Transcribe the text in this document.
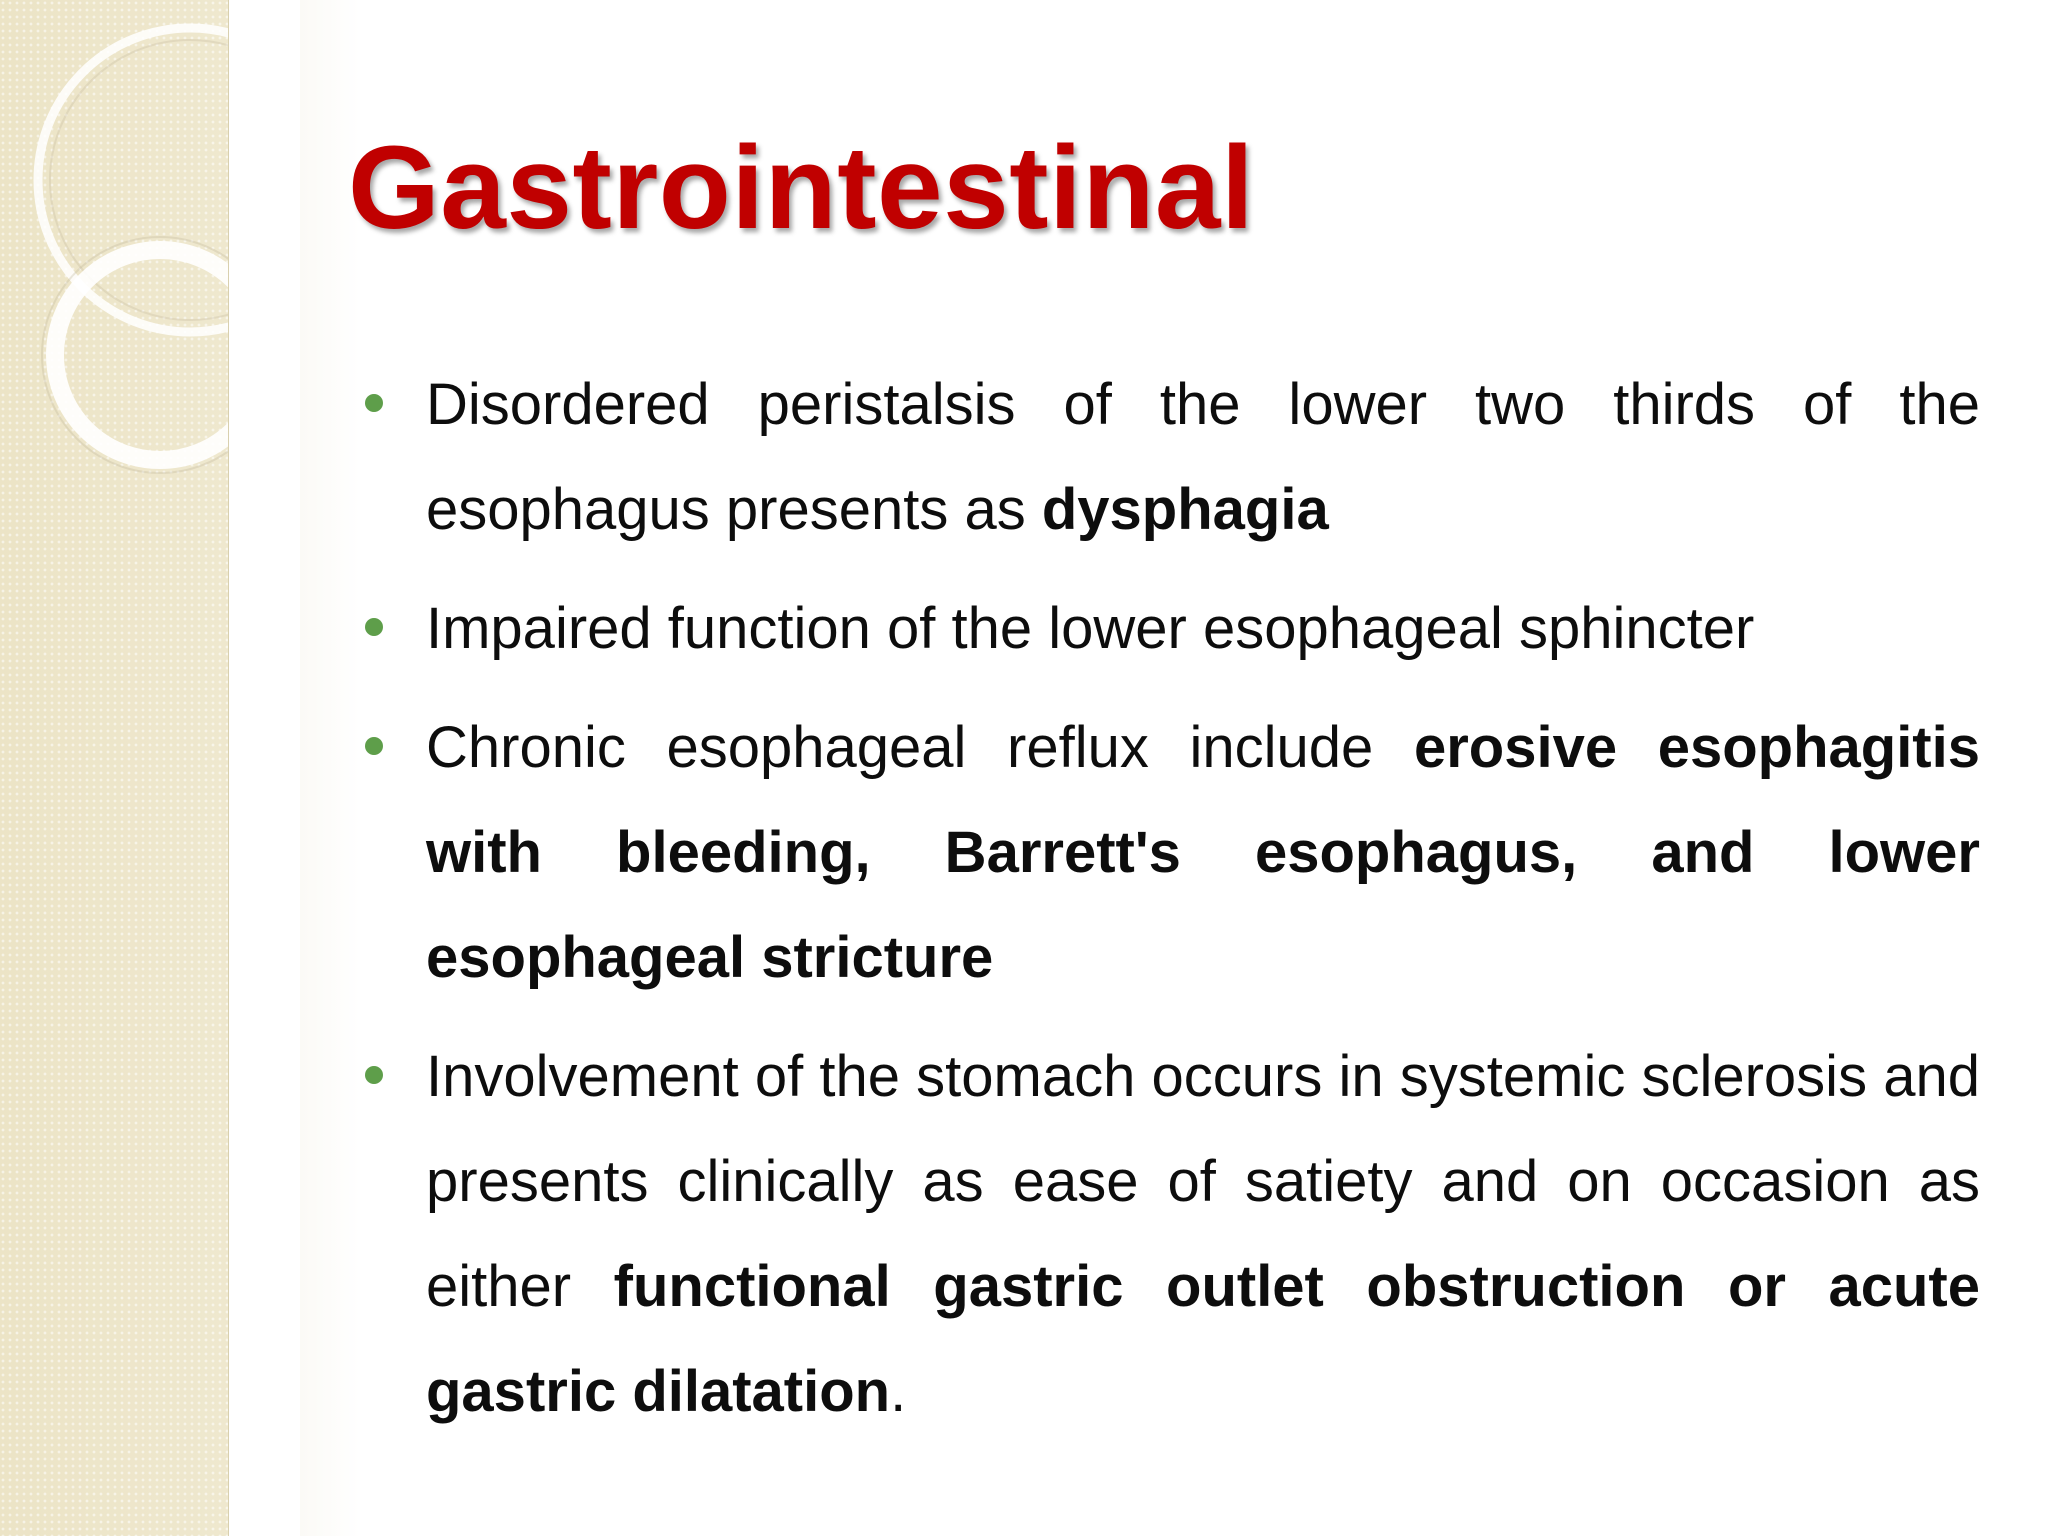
Gastrointestinal

Disordered peristalsis of the lower two thirds of the esophagus presents as dysphagia

Impaired function of the lower esophageal sphincter

Chronic esophageal reflux include erosive esophagitis with bleeding, Barrett's esophagus, and lower esophageal stricture

Involvement of the stomach occurs in systemic sclerosis and presents clinically as ease of satiety and on occasion as either functional gastric outlet obstruction or acute gastric dilatation.
